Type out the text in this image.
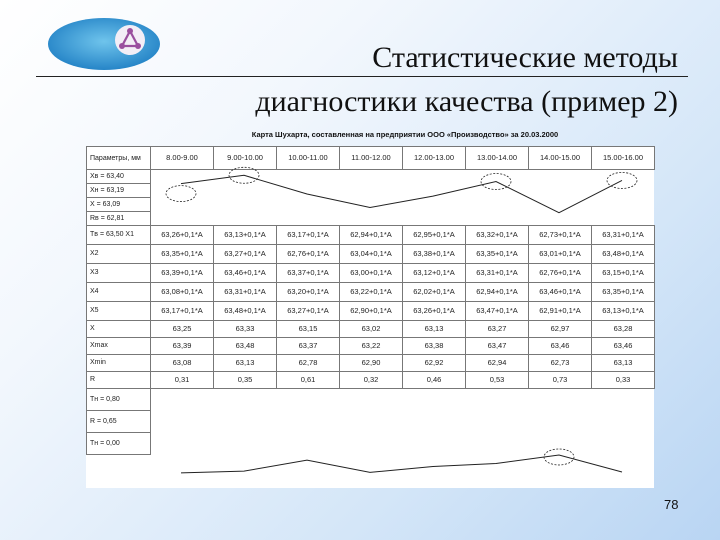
Статистические методы
диагностики качества (пример 2)
Карта Шухарта, составленная на предприятии ООО «Производство» за 20.03.2000
Параметры, мм	8.00-9.00	9.00-10.00	10.00-11.00	11.00-12.00	12.00-13.00	13.00-14.00	14.00-15.00	15.00-16.00
Xв = 63,40								
Xн = 63,19								
X = 63,09								
Rв = 62,81								
Tв = 63,50 X1	63,26+0,1*A	63,13+0,1*A	63,17+0,1*A	62,94+0,1*A	62,95+0,1*A	63,32+0,1*A	62,73+0,1*A	63,31+0,1*A
X2	63,35+0,1*A	63,27+0,1*A	62,76+0,1*A	63,04+0,1*A	63,38+0,1*A	63,35+0,1*A	63,01+0,1*A	63,48+0,1*A
X3	63,39+0,1*A	63,46+0,1*A	63,37+0,1*A	63,00+0,1*A	63,12+0,1*A	63,31+0,1*A	62,76+0,1*A	63,15+0,1*A
X4	63,08+0,1*A	63,31+0,1*A	63,20+0,1*A	63,22+0,1*A	62,02+0,1*A	62,94+0,1*A	63,46+0,1*A	63,35+0,1*A
X5	63,17+0,1*A	63,48+0,1*A	63,27+0,1*A	62,90+0,1*A	63,26+0,1*A	63,47+0,1*A	62,91+0,1*A	63,13+0,1*A
X	63,25	63,33	63,15	63,02	63,13	63,27	62,97	63,28
Xmax	63,39	63,48	63,37	63,22	63,38	63,47	63,46	63,46
Xmin	63,08	63,13	62,78	62,90	62,92	62,94	62,73	63,13
R	0,31	0,35	0,61	0,32	0,46	0,53	0,73	0,33
Tн = 0,80								
R = 0,65								
Tн = 0,00								
78
